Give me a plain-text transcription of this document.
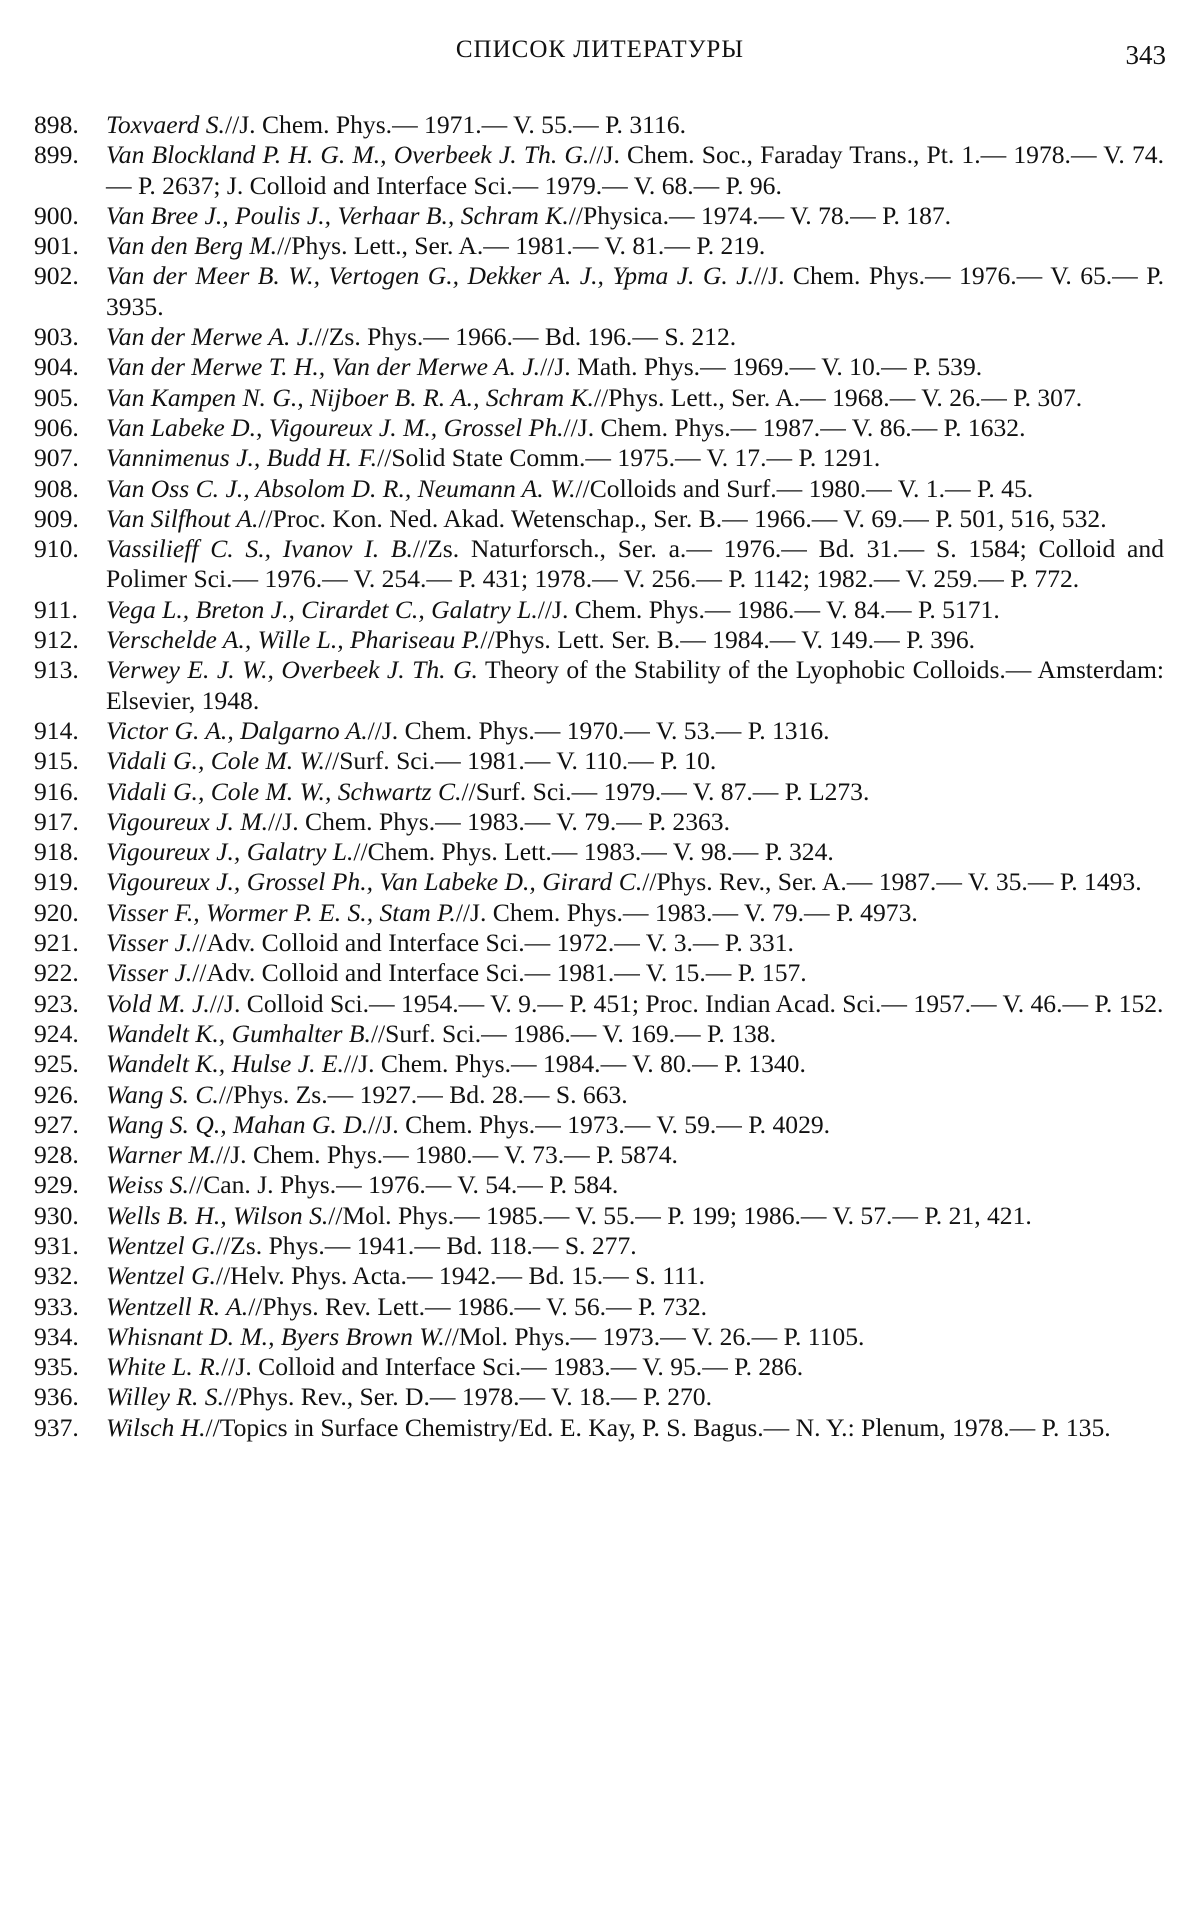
СПИСОК ЛИТЕРАТУРЫ	343
898. Toxvaerd S.//J. Chem. Phys.— 1971.— V. 55.— P. 3116.
899. Van Blockland P. H. G. M., Overbeek J. Th. G.//J. Chem. Soc., Faraday Trans., Pt. 1.— 1978.— V. 74.— P. 2637; J. Colloid and Interface Sci.— 1979.— V. 68.— P. 96.
900. Van Bree J., Poulis J., Verhaar B., Schram K.//Physica.— 1974.— V. 78.— P. 187.
901. Van den Berg M.//Phys. Lett., Ser. A.— 1981.— V. 81.— P. 219.
902. Van der Meer B. W., Vertogen G., Dekker A. J., Ypma J. G. J.//J. Chem. Phys.— 1976.— V. 65.— P. 3935.
903. Van der Merwe A. J.//Zs. Phys.— 1966.— Bd. 196.— S. 212.
904. Van der Merwe T. H., Van der Merwe A. J.//J. Math. Phys.— 1969.— V. 10.— P. 539.
905. Van Kampen N. G., Nijboer B. R. A., Schram K.//Phys. Lett., Ser. A.— 1968.— V. 26.— P. 307.
906. Van Labeke D., Vigoureux J. M., Grossel Ph.//J. Chem. Phys.— 1987.— V. 86.— P. 1632.
907. Vannimenus J., Budd H. F.//Solid State Comm.— 1975.— V. 17.— P. 1291.
908. Van Oss C. J., Absolom D. R., Neumann A. W.//Colloids and Surf.— 1980.— V. 1.— P. 45.
909. Van Silfhout A.//Proc. Kon. Ned. Akad. Wetenschap., Ser. B.— 1966.— V. 69.— P. 501, 516, 532.
910. Vassilieff C. S., Ivanov I. B.//Zs. Naturforsch., Ser. a.— 1976.— Bd. 31.— S. 1584; Colloid and Polimer Sci.— 1976.— V. 254.— P. 431; 1978.— V. 256.— P. 1142; 1982.— V. 259.— P. 772.
911. Vega L., Breton J., Cirardet C., Galatry L.//J. Chem. Phys.— 1986.— V. 84.— P. 5171.
912. Verschelde A., Wille L., Phariseau P.//Phys. Lett. Ser. B.— 1984.— V. 149.— P. 396.
913. Verwey E. J. W., Overbeek J. Th. G. Theory of the Stability of the Lyophobic Colloids.— Amsterdam: Elsevier, 1948.
914. Victor G. A., Dalgarno A.//J. Chem. Phys.— 1970.— V. 53.— P. 1316.
915. Vidali G., Cole M. W.//Surf. Sci.— 1981.— V. 110.— P. 10.
916. Vidali G., Cole M. W., Schwartz C.//Surf. Sci.— 1979.— V. 87.— P. L273.
917. Vigoureux J. M.//J. Chem. Phys.— 1983.— V. 79.— P. 2363.
918. Vigoureux J., Galatry L.//Chem. Phys. Lett.— 1983.— V. 98.— P. 324.
919. Vigoureux J., Grossel Ph., Van Labeke D., Girard C.//Phys. Rev., Ser. A.— 1987.— V. 35.— P. 1493.
920. Visser F., Wormer P. E. S., Stam P.//J. Chem. Phys.— 1983.— V. 79.— P. 4973.
921. Visser J.//Adv. Colloid and Interface Sci.— 1972.— V. 3.— P. 331.
922. Visser J.//Adv. Colloid and Interface Sci.— 1981.— V. 15.— P. 157.
923. Vold M. J.//J. Colloid Sci.— 1954.— V. 9.— P. 451; Proc. Indian Acad. Sci.— 1957.— V. 46.— P. 152.
924. Wandelt K., Gumhalter B.//Surf. Sci.— 1986.— V. 169.— P. 138.
925. Wandelt K., Hulse J. E.//J. Chem. Phys.— 1984.— V. 80.— P. 1340.
926. Wang S. C.//Phys. Zs.— 1927.— Bd. 28.— S. 663.
927. Wang S. Q., Mahan G. D.//J. Chem. Phys.— 1973.— V. 59.— P. 4029.
928. Warner M.//J. Chem. Phys.— 1980.— V. 73.— P. 5874.
929. Weiss S.//Can. J. Phys.— 1976.— V. 54.— P. 584.
930. Wells B. H., Wilson S.//Mol. Phys.— 1985.— V. 55.— P. 199; 1986.— V. 57.— P. 21, 421.
931. Wentzel G.//Zs. Phys.— 1941.— Bd. 118.— S. 277.
932. Wentzel G.//Helv. Phys. Acta.— 1942.— Bd. 15.— S. 111.
933. Wentzell R. A.//Phys. Rev. Lett.— 1986.— V. 56.— P. 732.
934. Whisnant D. M., Byers Brown W.//Mol. Phys.— 1973.— V. 26.— P. 1105.
935. White L. R.//J. Colloid and Interface Sci.— 1983.— V. 95.— P. 286.
936. Willey R. S.//Phys. Rev., Ser. D.— 1978.— V. 18.— P. 270.
937. Wilsch H.//Topics in Surface Chemistry/Ed. E. Kay, P. S. Bagus.— N. Y.: Plenum, 1978.— P. 135.
